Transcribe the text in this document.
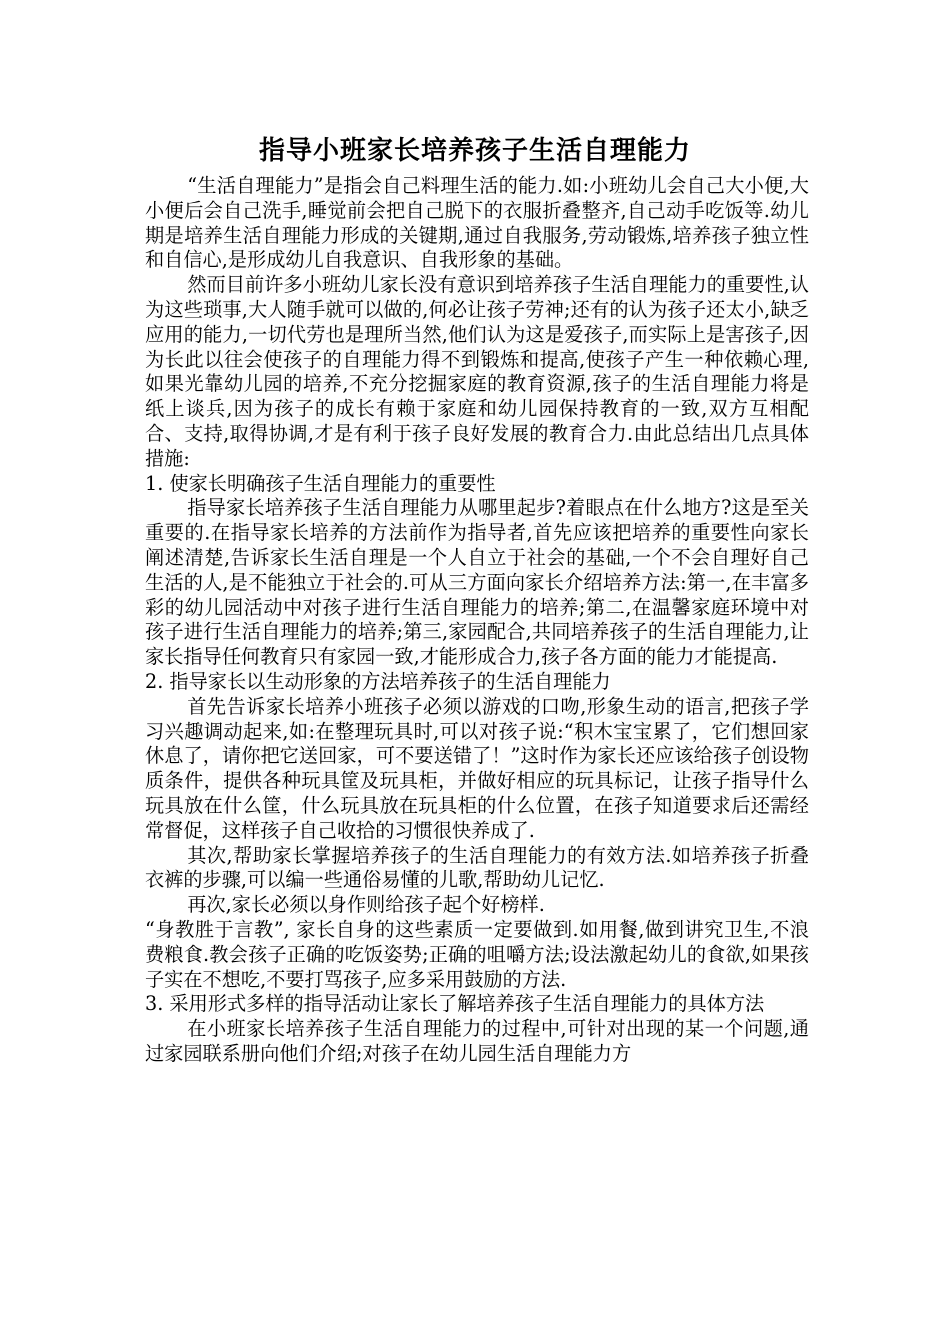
指导小班家长培养孩子生活自理能力

“生活自理能力”是指会自己料理生活的能力.如:小班幼儿会自己大小便,大小便后会自己洗手,睡觉前会把自己脱下的衣服折叠整齐,自己动手吃饭等.幼儿期是培养生活自理能力形成的关键期,通过自我服务,劳动锻炼,培养孩子独立性和自信心,是形成幼儿自我意识、自我形象的基础。

然而目前许多小班幼儿家长没有意识到培养孩子生活自理能力的重要性,认为这些琐事,大人随手就可以做的,何必让孩子劳神;还有的认为孩子还太小,缺乏应用的能力,一切代劳也是理所当然,他们认为这是爱孩子,而实际上是害孩子,因为长此以往会使孩子的自理能力得不到锻炼和提高,使孩子产生一种依赖心理,如果光靠幼儿园的培养,不充分挖掘家庭的教育资源,孩子的生活自理能力将是纸上谈兵,因为孩子的成长有赖于家庭和幼儿园保持教育的一致,双方互相配合、支持,取得协调,才是有利于孩子良好发展的教育合力.由此总结出几点具体措施:

1. 使家长明确孩子生活自理能力的重要性

指导家长培养孩子生活自理能力从哪里起步?着眼点在什么地方?这是至关重要的.在指导家长培养的方法前作为指导者,首先应该把培养的重要性向家长阐述清楚,告诉家长生活自理是一个人自立于社会的基础,一个不会自理好自己生活的人,是不能独立于社会的.可从三方面向家长介绍培养方法:第一,在丰富多彩的幼儿园活动中对孩子进行生活自理能力的培养;第二,在温馨家庭环境中对孩子进行生活自理能力的培养;第三,家园配合,共同培养孩子的生活自理能力,让家长指导任何教育只有家园一致,才能形成合力,孩子各方面的能力才能提高.

2. 指导家长以生动形象的方法培养孩子的生活自理能力

首先告诉家长培养小班孩子必须以游戏的口吻,形象生动的语言,把孩子学习兴趣调动起来,如:在整理玩具时,可以对孩子说:“积木宝宝累了，它们想回家休息了，请你把它送回家，可不要送错了！”这时作为家长还应该给孩子创设物质条件，提供各种玩具筐及玩具柜，并做好相应的玩具标记，让孩子指导什么玩具放在什么筐，什么玩具放在玩具柜的什么位置，在孩子知道要求后还需经常督促，这样孩子自己收拾的习惯很快养成了.

其次,帮助家长掌握培养孩子的生活自理能力的有效方法.如培养孩子折叠衣裤的步骤,可以编一些通俗易懂的儿歌,帮助幼儿记忆.

再次,家长必须以身作则给孩子起个好榜样.

“身教胜于言教”, 家长自身的这些素质一定要做到.如用餐,做到讲究卫生,不浪费粮食.教会孩子正确的吃饭姿势;正确的咀嚼方法;设法激起幼儿的食欲,如果孩子实在不想吃,不要打骂孩子,应多采用鼓励的方法.

3. 采用形式多样的指导活动让家长了解培养孩子生活自理能力的具体方法

在小班家长培养孩子生活自理能力的过程中,可针对出现的某一个问题,通过家园联系册向他们介绍;对孩子在幼儿园生活自理能力方
